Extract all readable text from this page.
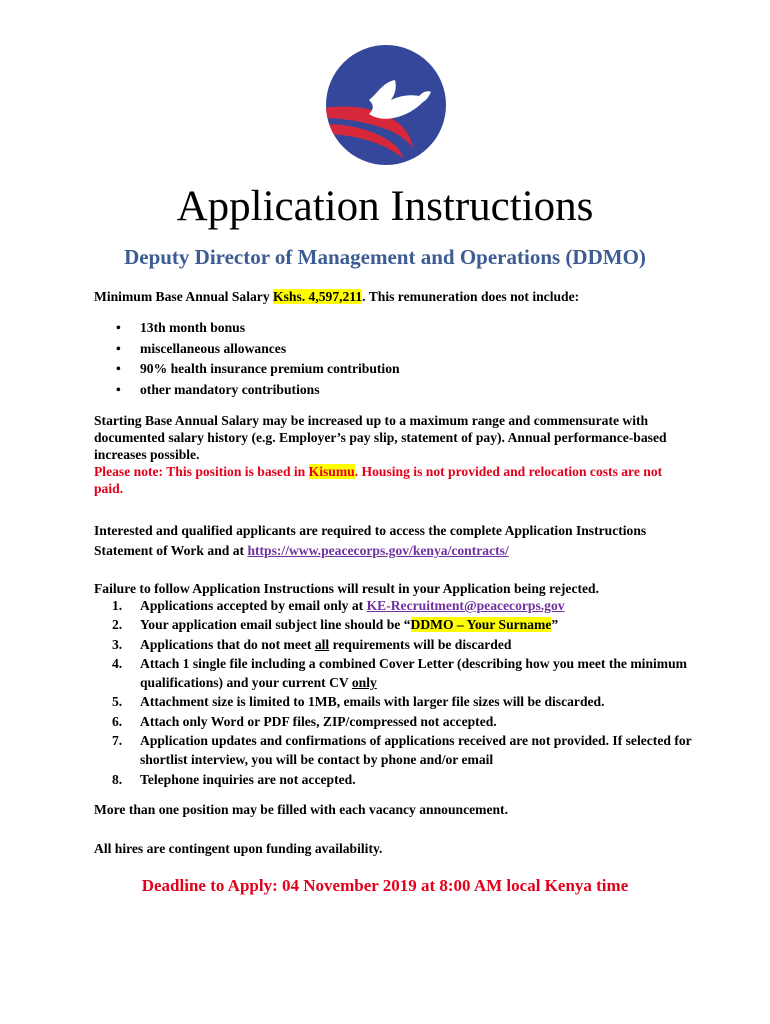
Application Instructions
Deputy Director of Management and Operations (DDMO)
Minimum Base Annual Salary Kshs. 4,597,211. This remuneration does not include:
• 13th month bonus
• miscellaneous allowances
• 90% health insurance premium contribution
• other mandatory contributions
Starting Base Annual Salary may be increased up to a maximum range and commensurate with documented salary history (e.g. Employer’s pay slip, statement of pay). Annual performance-based increases possible.
Please note: This position is based in Kisumu. Housing is not provided and relocation costs are not paid.
Interested and qualified applicants are required to access the complete Application Instructions Statement of Work and at https://www.peacecorps.gov/kenya/contracts/
Failure to follow Application Instructions will result in your Application being rejected.
1. Applications accepted by email only at KE-Recruitment@peacecorps.gov
2. Your application email subject line should be “DDMO – Your Surname”
3. Applications that do not meet all requirements will be discarded
4. Attach 1 single file including a combined Cover Letter (describing how you meet the minimum qualifications) and your current CV only
5. Attachment size is limited to 1MB, emails with larger file sizes will be discarded.
6. Attach only Word or PDF files, ZIP/compressed not accepted.
7. Application updates and confirmations of applications received are not provided. If selected for shortlist interview, you will be contact by phone and/or email
8. Telephone inquiries are not accepted.
More than one position may be filled with each vacancy announcement.
All hires are contingent upon funding availability.
Deadline to Apply: 04 November 2019 at 8:00 AM local Kenya time
